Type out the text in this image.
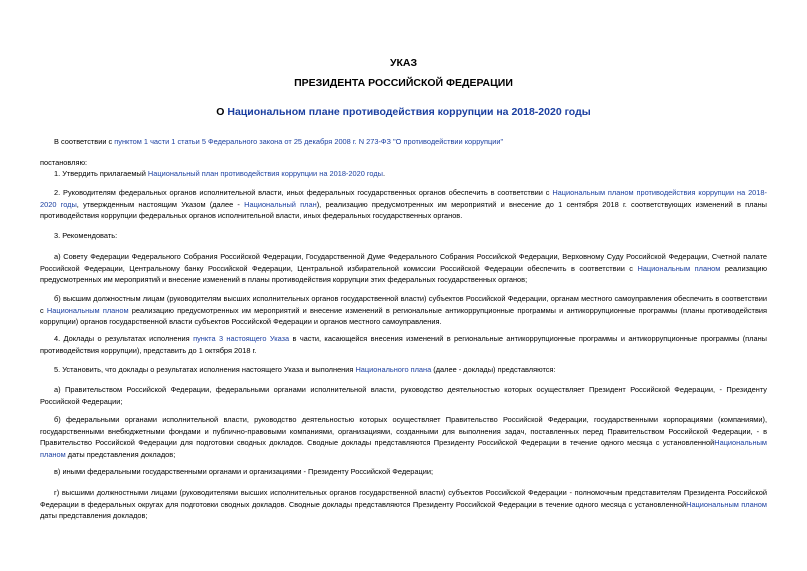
УКАЗ
ПРЕЗИДЕНТА РОССИЙСКОЙ ФЕДЕРАЦИИ
О Национальном плане противодействия коррупции на 2018-2020 годы
В соответствии с пунктом 1 части 1 статьи 5 Федерального закона от 25 декабря 2008 г. N 273-ФЗ "О противодействии коррупции"
постановляю:
1. Утвердить прилагаемый Национальный план противодействия коррупции на 2018-2020 годы.
2. Руководителям федеральных органов исполнительной власти, иных федеральных государственных органов обеспечить в соответствии с Национальным планом противодействия коррупции на 2018-2020 годы, утвержденным настоящим Указом (далее - Национальный план), реализацию предусмотренных им мероприятий и внесение до 1 сентября 2018 г. соответствующих изменений в планы противодействия коррупции федеральных органов исполнительной власти, иных федеральных государственных органов.
3. Рекомендовать:
а) Совету Федерации Федерального Собрания Российской Федерации, Государственной Думе Федерального Собрания Российской Федерации, Верховному Суду Российской Федерации, Счетной палате Российской Федерации, Центральному банку Российской Федерации, Центральной избирательной комиссии Российской Федерации обеспечить в соответствии с Национальным планом реализацию предусмотренных им мероприятий и внесение изменений в планы противодействия коррупции этих федеральных государственных органов;
б) высшим должностным лицам (руководителям высших исполнительных органов государственной власти) субъектов Российской Федерации, органам местного самоуправления обеспечить в соответствии с Национальным планом реализацию предусмотренных им мероприятий и внесение изменений в региональные антикоррупционные программы и антикоррупционные программы (планы противодействия коррупции) органов государственной власти субъектов Российской Федерации и органов местного самоуправления.
4. Доклады о результатах исполнения пункта 3 настоящего Указа в части, касающейся внесения изменений в региональные антикоррупционные программы и антикоррупционные программы (планы противодействия коррупции), представить до 1 октября 2018 г.
5. Установить, что доклады о результатах исполнения настоящего Указа и выполнения Национального плана (далее - доклады) представляются:
а) Правительством Российской Федерации, федеральными органами исполнительной власти, руководство деятельностью которых осуществляет Президент Российской Федерации, - Президенту Российской Федерации;
б) федеральными органами исполнительной власти, руководство деятельностью которых осуществляет Правительство Российской Федерации, государственными корпорациями (компаниями), государственными внебюджетными фондами и публично-правовыми компаниями, организациями, созданными для выполнения задач, поставленных перед Правительством Российской Федерации, - в Правительство Российской Федерации для подготовки сводных докладов. Сводные доклады представляются Президенту Российской Федерации в течение одного месяца с установленнойНациональным планом даты представления докладов;
в) иными федеральными государственными органами и организациями - Президенту Российской Федерации;
г) высшими должностными лицами (руководителями высших исполнительных органов государственной власти) субъектов Российской Федерации - полномочным представителям Президента Российской Федерации в федеральных округах для подготовки сводных докладов. Сводные доклады представляются Президенту Российской Федерации в течение одного месяца с установленнойНациональным планом даты представления докладов;
